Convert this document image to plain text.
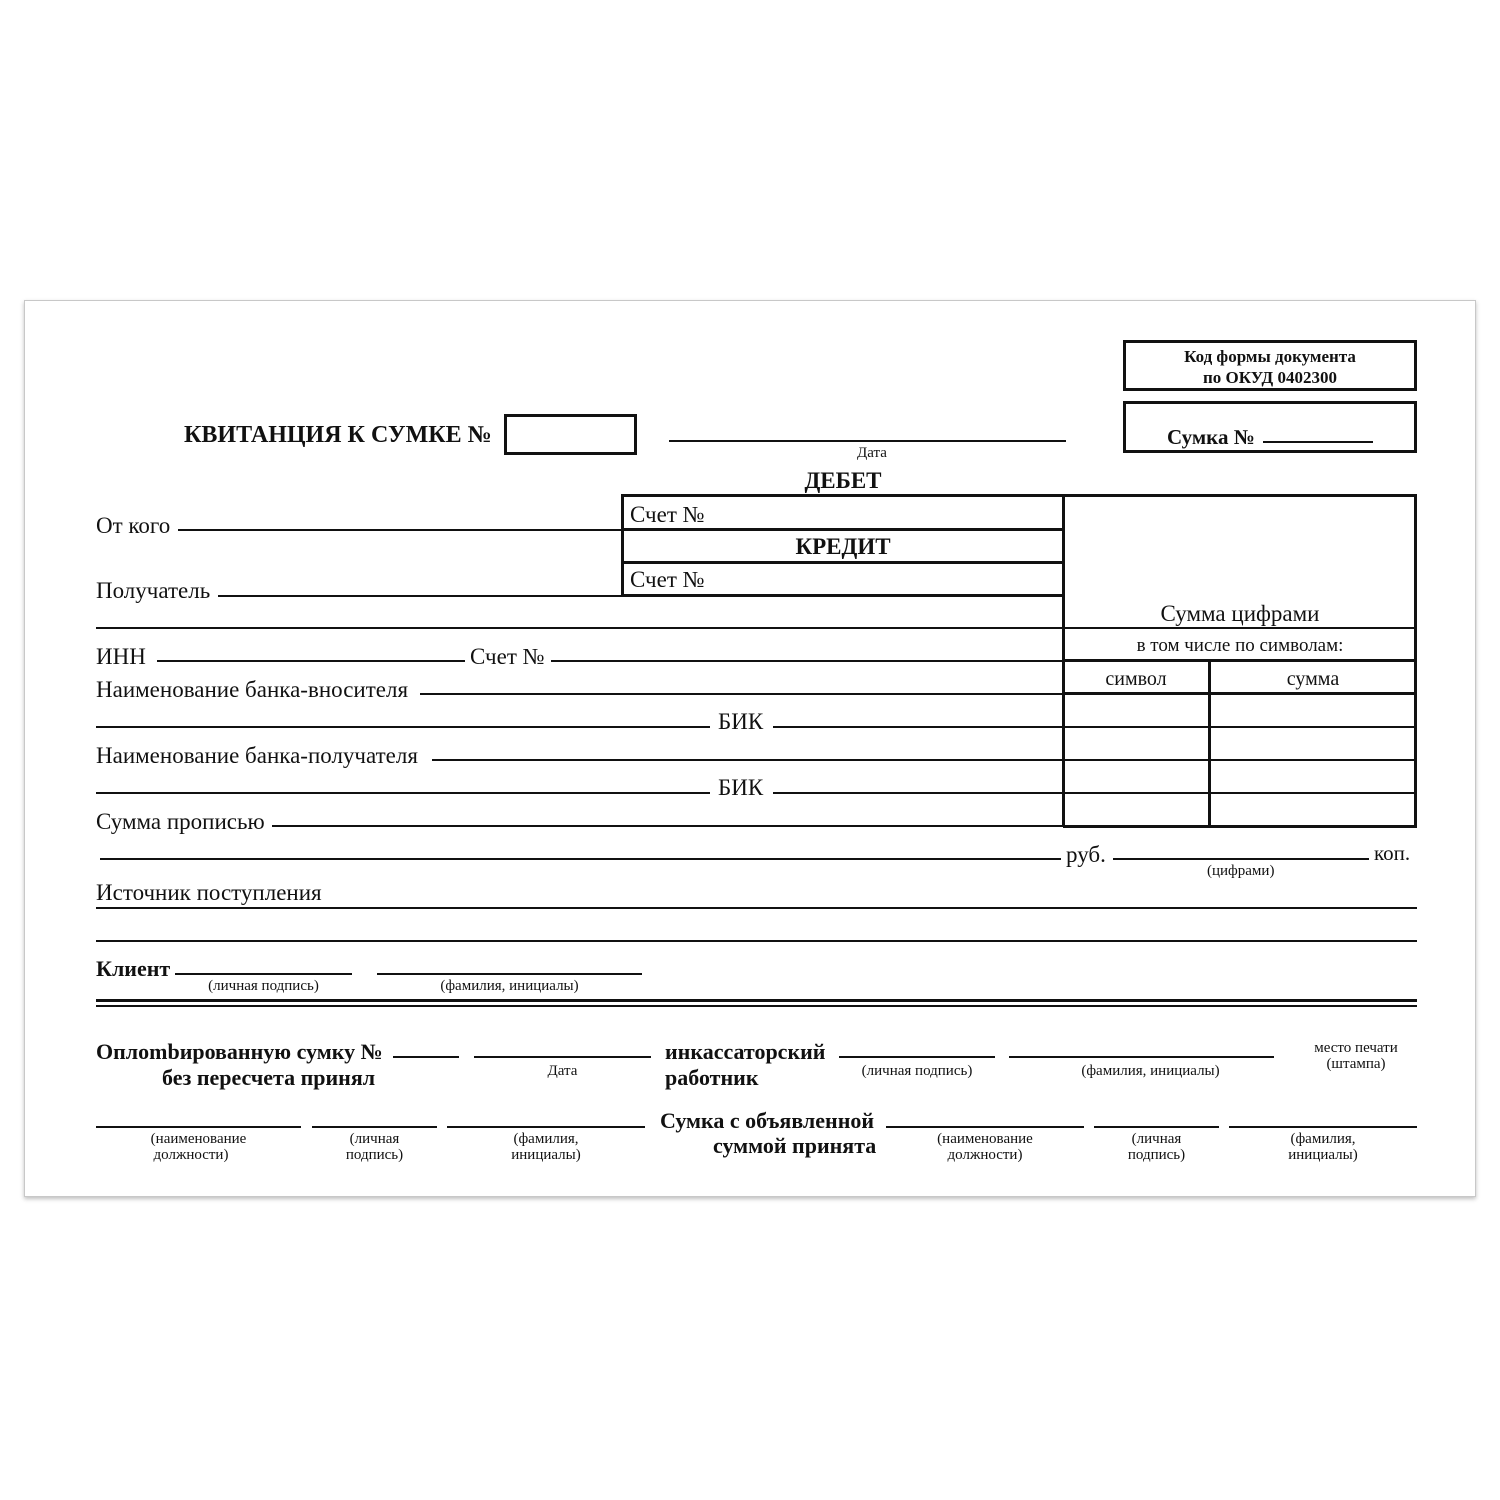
Код формы документа
по ОКУД 0402300
Сумка №
КВИТАНЦИЯ К СУМКЕ №
Дата
ДЕБЕТ
Счет №
КРЕДИТ
Счет №
Сумма цифрами
в том числе по символам:
символ	сумма
От кого
Получатель
ИНН	Счет №
Наименование банка-вносителя
БИК
Наименование банка-получателя
БИК
Сумма прописью
руб.
(цифрами)
коп.
Источник поступления
Клиент
(личная подпись)	(фамилия, инициалы)
Оплombированную сумку №
без пересчета принял	Дата
инкассаторский
работник	(личная подпись)	(фамилия, инициалы)
место печати
(штампа)
(наименование
должности)
(личная
подпись)
(фамилия,
инициалы)
Сумка с объявленной
суммой принята	(наименование
должности)
(личная
подпись)
(фамилия,
инициалы)
